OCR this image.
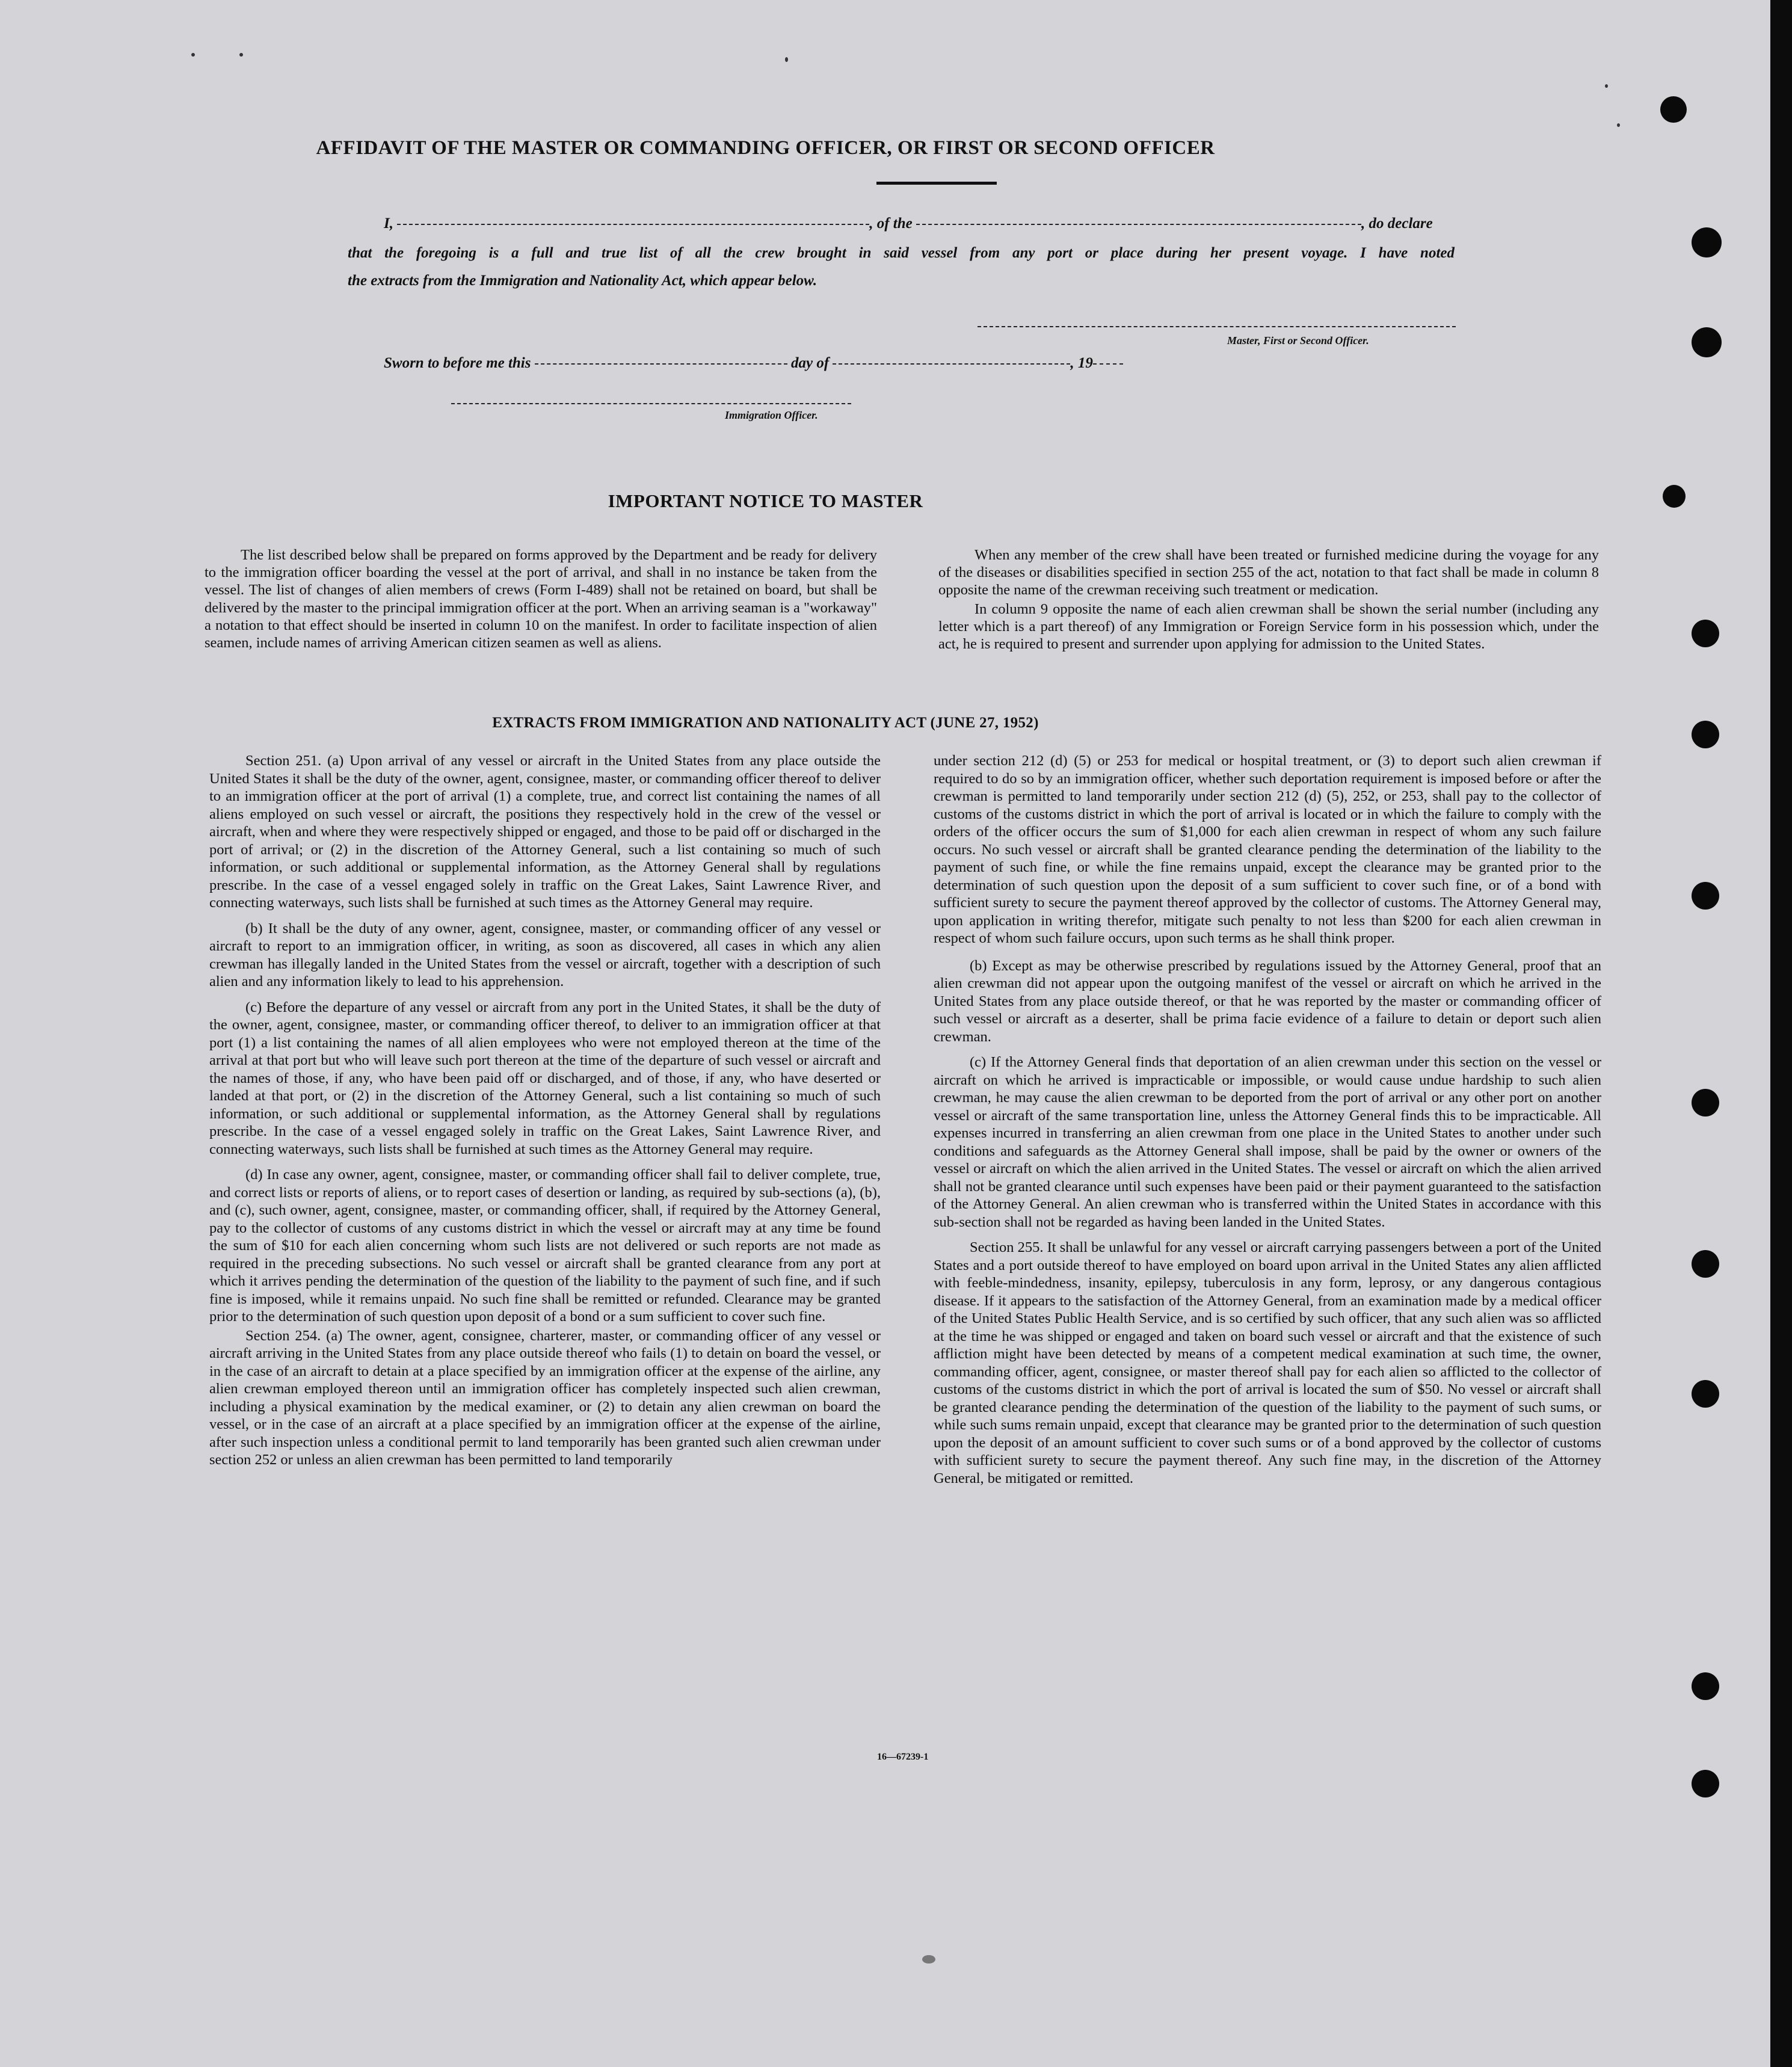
AFFIDAVIT OF THE MASTER OR COMMANDING OFFICER, OR FIRST OR SECOND OFFICER
I,	, of the	, do declare
that the foregoing is a full and true list of all the crew brought in said vessel from any port or place during her present voyage. I have noted
the extracts from the Immigration and Nationality Act, which appear below.
Master, First or Second Officer.
Sworn to before me this	day of	, 19
Immigration Officer.
IMPORTANT NOTICE TO MASTER

The list described below shall be prepared on forms approved by the Department and be ready for delivery to the immigration officer boarding the vessel at the port of arrival, and shall in no instance be taken from the vessel. The list of changes of alien members of crews (Form I-489) shall not be retained on board, but shall be delivered by the master to the principal immigration officer at the port. When an arriving seaman is a "workaway" a notation to that effect should be inserted in column 10 on the manifest. In order to facilitate inspection of alien seamen, include names of arriving American citizen seamen as well as aliens.

When any member of the crew shall have been treated or furnished medicine during the voyage for any of the diseases or disabilities specified in section 255 of the act, notation to that fact shall be made in column 8 opposite the name of the crewman receiving such treatment or medication.

In column 9 opposite the name of each alien crewman shall be shown the serial number (including any letter which is a part thereof) of any Immigration or Foreign Service form in his possession which, under the act, he is required to present and surrender upon applying for admission to the United States.

EXTRACTS FROM IMMIGRATION AND NATIONALITY ACT (JUNE 27, 1952)

Section 251. (a) Upon arrival of any vessel or aircraft in the United States from any place outside the United States it shall be the duty of the owner, agent, consignee, master, or commanding officer thereof to deliver to an immigration officer at the port of arrival (1) a complete, true, and correct list containing the names of all aliens employed on such vessel or aircraft, the positions they respectively hold in the crew of the vessel or aircraft, when and where they were respectively shipped or engaged, and those to be paid off or discharged in the port of arrival; or (2) in the discretion of the Attorney General, such a list containing so much of such information, or such additional or supplemental information, as the Attorney General shall by regulations prescribe. In the case of a vessel engaged solely in traffic on the Great Lakes, Saint Lawrence River, and connecting waterways, such lists shall be furnished at such times as the Attorney General may require.

(b) It shall be the duty of any owner, agent, consignee, master, or commanding officer of any vessel or aircraft to report to an immigration officer, in writing, as soon as discovered, all cases in which any alien crewman has illegally landed in the United States from the vessel or aircraft, together with a description of such alien and any information likely to lead to his apprehension.

(c) Before the departure of any vessel or aircraft from any port in the United States, it shall be the duty of the owner, agent, consignee, master, or commanding officer thereof, to deliver to an immigration officer at that port (1) a list containing the names of all alien employees who were not employed thereon at the time of the arrival at that port but who will leave such port thereon at the time of the departure of such vessel or aircraft and the names of those, if any, who have been paid off or discharged, and of those, if any, who have deserted or landed at that port, or (2) in the discretion of the Attorney General, such a list containing so much of such information, or such additional or supplemental information, as the Attorney General shall by regulations prescribe. In the case of a vessel engaged solely in traffic on the Great Lakes, Saint Lawrence River, and connecting waterways, such lists shall be furnished at such times as the Attorney General may require.

(d) In case any owner, agent, consignee, master, or commanding officer shall fail to deliver complete, true, and correct lists or reports of aliens, or to report cases of desertion or landing, as required by sub-sections (a), (b), and (c), such owner, agent, consignee, master, or commanding officer, shall, if required by the Attorney General, pay to the collector of customs of any customs district in which the vessel or aircraft may at any time be found the sum of $10 for each alien concerning whom such lists are not delivered or such reports are not made as required in the preceding subsections. No such vessel or aircraft shall be granted clearance from any port at which it arrives pending the determination of the question of the liability to the payment of such fine, and if such fine is imposed, while it remains unpaid. No such fine shall be remitted or refunded. Clearance may be granted prior to the determination of such question upon deposit of a bond or a sum sufficient to cover such fine.

Section 254. (a) The owner, agent, consignee, charterer, master, or commanding officer of any vessel or aircraft arriving in the United States from any place outside thereof who fails (1) to detain on board the vessel, or in the case of an aircraft to detain at a place specified by an immigration officer at the expense of the airline, any alien crewman employed thereon until an immigration officer has completely inspected such alien crewman, including a physical examination by the medical examiner, or (2) to detain any alien crewman on board the vessel, or in the case of an aircraft at a place specified by an immigration officer at the expense of the airline, after such inspection unless a conditional permit to land temporarily has been granted such alien crewman under section 252 or unless an alien crewman has been permitted to land temporarily

under section 212 (d) (5) or 253 for medical or hospital treatment, or (3) to deport such alien crewman if required to do so by an immigration officer, whether such deportation requirement is imposed before or after the crewman is permitted to land temporarily under section 212 (d) (5), 252, or 253, shall pay to the collector of customs of the customs district in which the port of arrival is located or in which the failure to comply with the orders of the officer occurs the sum of $1,000 for each alien crewman in respect of whom any such failure occurs. No such vessel or aircraft shall be granted clearance pending the determination of the liability to the payment of such fine, or while the fine remains unpaid, except the clearance may be granted prior to the determination of such question upon the deposit of a sum sufficient to cover such fine, or of a bond with sufficient surety to secure the payment thereof approved by the collector of customs. The Attorney General may, upon application in writing therefor, mitigate such penalty to not less than $200 for each alien crewman in respect of whom such failure occurs, upon such terms as he shall think proper.

(b) Except as may be otherwise prescribed by regulations issued by the Attorney General, proof that an alien crewman did not appear upon the outgoing manifest of the vessel or aircraft on which he arrived in the United States from any place outside thereof, or that he was reported by the master or commanding officer of such vessel or aircraft as a deserter, shall be prima facie evidence of a failure to detain or deport such alien crewman.

(c) If the Attorney General finds that deportation of an alien crewman under this section on the vessel or aircraft on which he arrived is impracticable or impossible, or would cause undue hardship to such alien crewman, he may cause the alien crewman to be deported from the port of arrival or any other port on another vessel or aircraft of the same transportation line, unless the Attorney General finds this to be impracticable. All expenses incurred in transferring an alien crewman from one place in the United States to another under such conditions and safeguards as the Attorney General shall impose, shall be paid by the owner or owners of the vessel or aircraft on which the alien arrived in the United States. The vessel or aircraft on which the alien arrived shall not be granted clearance until such expenses have been paid or their payment guaranteed to the satisfaction of the Attorney General. An alien crewman who is transferred within the United States in accordance with this sub-section shall not be regarded as having been landed in the United States.

Section 255. It shall be unlawful for any vessel or aircraft carrying passengers between a port of the United States and a port outside thereof to have employed on board upon arrival in the United States any alien afflicted with feeble-mindedness, insanity, epilepsy, tuberculosis in any form, leprosy, or any dangerous contagious disease. If it appears to the satisfaction of the Attorney General, from an examination made by a medical officer of the United States Public Health Service, and is so certified by such officer, that any such alien was so afflicted at the time he was shipped or engaged and taken on board such vessel or aircraft and that the existence of such affliction might have been detected by means of a competent medical examination at such time, the owner, commanding officer, agent, consignee, or master thereof shall pay for each alien so afflicted to the collector of customs of the customs district in which the port of arrival is located the sum of $50. No vessel or aircraft shall be granted clearance pending the determination of the question of the liability to the payment of such sums, or while such sums remain unpaid, except that clearance may be granted prior to the determination of such question upon the deposit of an amount sufficient to cover such sums or of a bond approved by the collector of customs with sufficient surety to secure the payment thereof. Any such fine may, in the discretion of the Attorney General, be mitigated or remitted.

16—67239-1
